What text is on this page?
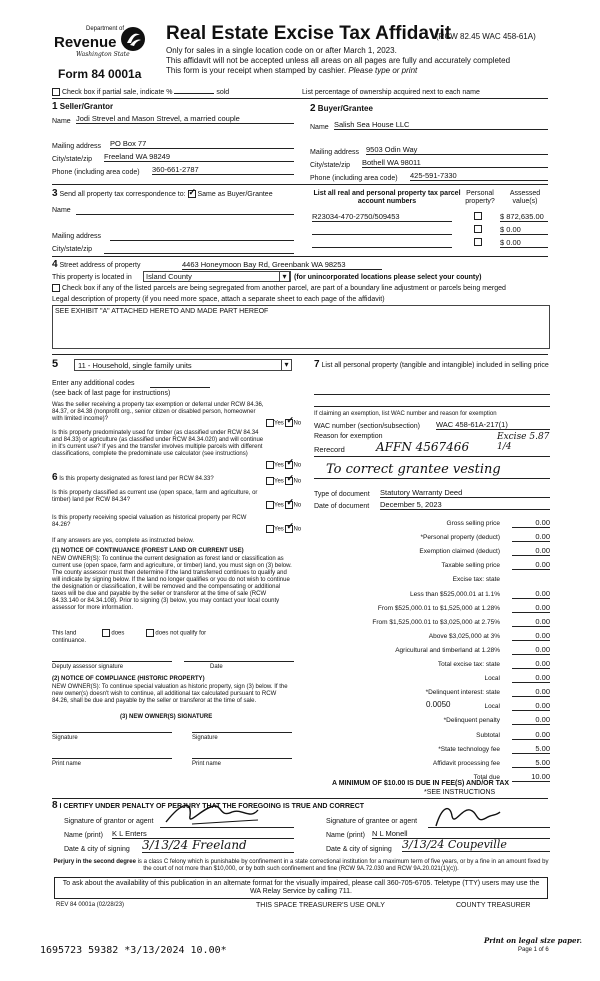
Department of
Revenue
Washington State
Form 84 0001a
Real Estate Excise Tax Affidavit
(RCW 82.45 WAC 458-61A)
Only for sales in a single location code on or after March 1, 2023.
This affidavit will not be accepted unless all areas on all pages are fully and accurately completed
This form is your receipt when stamped by cashier. Please type or print
Check box if partial sale, indicate %	sold	List percentage of ownership acquired next to each name
1 Seller/Grantor
Name Jodi Strevel and Mason Strevel, a married couple
Mailing address PO Box 77
City/state/zip Freeland WA 98249
Phone (including area code) 360-661-2787
2 Buyer/Grantee
Name Salish Sea House LLC
Mailing address 9503 Odin Way
City/state/zip Bothell WA 98011
Phone (including area code) 425-591-7330
3 Send all property tax correspondence to: ✓ Same as Buyer/Grantee
Name
Mailing address
City/state/zip
List all real and personal property tax parcel account numbers
Personal property?
Assessed value(s)
R23034-470-2750/509453	$ 872,635.00
$ 0.00
$ 0.00
4 Street address of property	4463 Honeymoon Bay Rd, Greenbank WA 98253
This property is located in	Island County	▾	(for unincorporated locations please select your county)
Check box if any of the listed parcels are being segregated from another parcel, are part of a boundary line adjustment or parcels being merged
Legal description of property (if you need more space, attach a separate sheet to each page of the affidavit)
SEE EXHIBIT "A" ATTACHED HERETO AND MADE PART HEREOF
5	11 - Household, single family units	▾
Enter any additional codes
(see back of last page for instructions)
Was the seller receiving a property tax exemption or deferral under RCW 84.36, 84.37, or 84.38 (nonprofit org., senior citizen or disabled person, homeowner with limited income)?
Yes ✓ No
Is this property predominately used for timber (as classified under RCW 84.34 and 84.33) or agriculture (as classified under RCW 84.34.020) and will continue in it's current use? If yes and the transfer involves multiple parcels with different classifications, complete the predominate use calculator (see instructions)
Yes ✓ No
6 Is this property designated as forest land per RCW 84.33?	Yes ✓ No
Is this property classified as current use (open space, farm and agriculture, or timber) land per RCW 84.34?
Yes ✓ No
Is this property receiving special valuation as historical property per RCW 84.26?
Yes ✓ No
If any answers are yes, complete as instructed below.
(1) NOTICE OF CONTINUANCE (FOREST LAND OR CURRENT USE)
NEW OWNER(S): To continue the current designation as forest land or classification as current use (open space, farm and agriculture, or timber) land, you must sign on (3) below. The county assessor must then determine if the land transferred continues to qualify and will indicate by signing below. If the land no longer qualifies or you do not wish to continue the designation or classification, it will be removed and the compensating or additional taxes will be due and payable by the seller or transferor at the time of sale (RCW 84.33.140 or 84.34.108). Prior to signing (3) below, you may contact your local county assessor for more information.
This land	does	does not qualify for
continuance.
Deputy assessor signature	Date
(2) NOTICE OF COMPLIANCE (HISTORIC PROPERTY)
NEW OWNER(S): To continue special valuation as historic property, sign (3) below. If the new owner(s) doesn't wish to continue, all additional tax calculated pursuant to RCW 84.26, shall be due and payable by the seller or transferor at the time of sale.
(3) NEW OWNER(S) SIGNATURE
Signature	Signature
Print name	Print name
7 List all personal property (tangible and intangible) included in selling price
If claiming an exemption, list WAC number and reason for exemption
WAC number (section/subsection) WAC 458-61A-217(1)
Reason for exemption
Rerecord	AFFN 4567466
Excise 5.87 1/4
To correct grantee vesting
Type of document Statutory Warranty Deed
Date of document December 5, 2023
Gross selling price	0.00
*Personal property (deduct)	0.00
Exemption claimed (deduct)	0.00
Taxable selling price	0.00
Excise tax: state
Less than $525,000.01 at 1.1%	0.00
From $525,000.01 to $1,525,000 at 1.28%	0.00
From $1,525,000.01 to $3,025,000 at 2.75%	0.00
Above $3,025,000 at 3%	0.00
Agricultural and timberland at 1.28%	0.00
Total excise tax: state	0.00
Local	0.00
*Delinquent interest: state	0.00
Local	0.00
*Delinquent penalty	0.00
Subtotal	0.00
*State technology fee	5.00
Affidavit processing fee	5.00
Total due	10.00
0.0050
A MINIMUM OF $10.00 IS DUE IN FEE(S) AND/OR TAX
*SEE INSTRUCTIONS
8 I CERTIFY UNDER PENALTY OF PERJURY THAT THE FOREGOING IS TRUE AND CORRECT
Signature of grantor or agent
Name (print) K L Enters
Date & city of signing 3/13/24 Freeland
Signature of grantee or agent
Name (print) N L Monell
Date & city of signing 3/13/24 Coupeville
Perjury in the second degree is a class C felony which is punishable by confinement in a state correctional institution for a maximum term of five years, or by a fine in an amount fixed by the court of not more than $10,000, or by both such confinement and fine (RCW 9A.72.030 and RCW 9A.20.021(1)(c)).
To ask about the availability of this publication in an alternate format for the visually impaired, please call 360-705-6705. Teletype (TTY) users may use the WA Relay Service by calling 711.
REV 84 0001a (02/28/23)	THIS SPACE TREASURER'S USE ONLY	COUNTY TREASURER
1695723 59382 *3/13/2024 10.00*
Print on legal size paper.
Page 1 of 6
